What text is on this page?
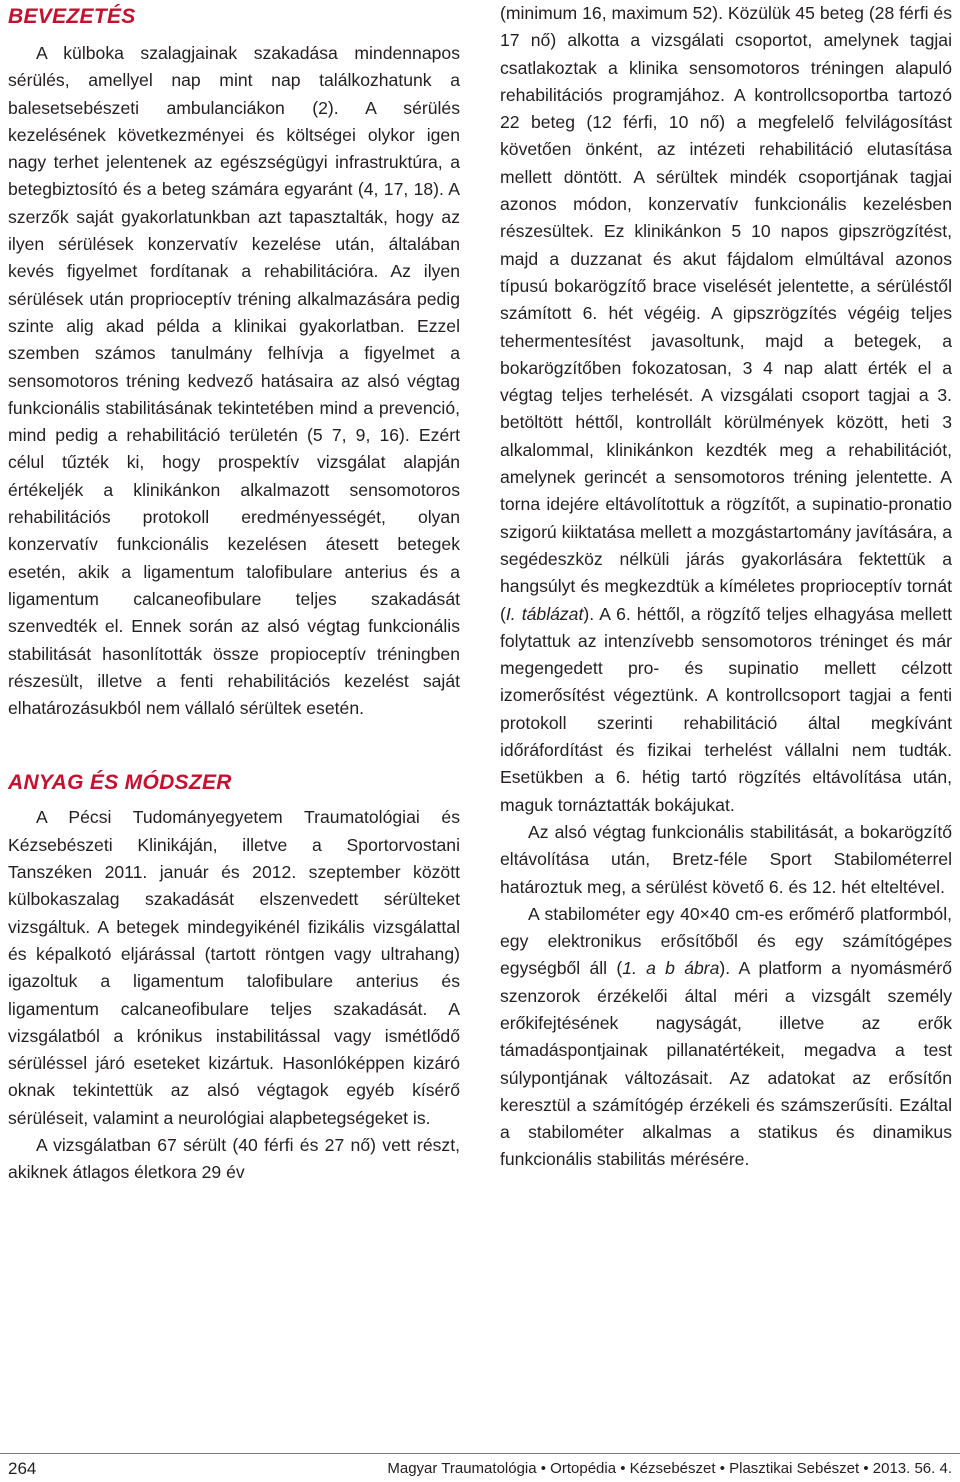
BEVEZETÉS

A külboka szalagjainak szakadása mindennapos sérülés, amellyel nap mint nap találkozhatunk a balesetsebészeti ambulanciákon (2). A sérülés kezelésének következményei és költségei olykor igen nagy terhet jelentenek az egészségügyi infrastruktúra, a betegbiztosító és a beteg számára egyaránt (4, 17, 18). A szerzők saját gyakorlatunkban azt tapasztalták, hogy az ilyen sérülések konzervatív kezelése után, általában kevés figyelmet fordítanak a rehabilitációra. Az ilyen sérülések után proprioceptív tréning alkalmazására pedig szinte alig akad példa a klinikai gyakorlatban. Ezzel szemben számos tanulmány felhívja a figyelmet a sensomotoros tréning kedvező hatásaira az alsó végtag funkcionális stabilitásának tekintetében mind a prevenció, mind pedig a rehabilitáció területén (5 7, 9, 16). Ezért célul tűzték ki, hogy prospektív vizsgálat alapján értékeljék a klinikánkon alkalmazott sensomotoros rehabilitációs protokoll eredményességét, olyan konzervatív funkcionális kezelésen átesett betegek esetén, akik a ligamentum talofibulare anterius és a ligamentum calcaneofibulare teljes szakadását szenvedték el. Ennek során az alsó végtag funkcionális stabilitását hasonlították össze propioceptív tréningben részesült, illetve a fenti rehabilitációs kezelést saját elhatározásukból nem vállaló sérültek esetén.

ANYAG ÉS MÓDSZER

A Pécsi Tudományegyetem Traumatológiai és Kézsebészeti Klinikáján, illetve a Sportorvostani Tanszéken 2011. január és 2012. szeptember között külbokaszalag szakadását elszenvedett sérülteket vizsgáltuk. A betegek mindegyikénél fizikális vizsgálattal és képalkotó eljárással (tartott röntgen vagy ultrahang) igazoltuk a ligamentum talofibulare anterius és ligamentum calcaneofibulare teljes szakadását. A vizsgálatból a krónikus instabilitással vagy ismétlődő sérüléssel járó eseteket kizártuk. Hasonlóképpen kizáró oknak tekintettük az alsó végtagok egyéb kísérő sérüléseit, valamint a neurológiai alapbetegségeket is.

A vizsgálatban 67 sérült (40 férfi és 27 nő) vett részt, akiknek átlagos életkora 29 év

(minimum 16, maximum 52). Közülük 45 beteg (28 férfi és 17 nő) alkotta a vizsgálati csoportot, amelynek tagjai csatlakoztak a klinika sensomotoros tréningen alapuló rehabilitációs programjához. A kontrollcsoportba tartozó 22 beteg (12 férfi, 10 nő) a megfelelő felvilágosítást követően önként, az intézeti rehabilitáció elutasítása mellett döntött. A sérültek mindék csoportjának tagjai azonos módon, konzervatív funkcionális kezelésben részesültek. Ez klinikánkon 5 10 napos gipszrögzítést, majd a duzzanat és akut fájdalom elmúltával azonos típusú bokarögzítő brace viselését jelentette, a sérüléstől számított 6. hét végéig. A gipszrögzítés végéig teljes tehermentesítést javasoltunk, majd a betegek, a bokarögzítőben fokozatosan, 3 4 nap alatt érték el a végtag teljes terhelését. A vizsgálati csoport tagjai a 3. betöltött héttől, kontrollált körülmények között, heti 3 alkalommal, klinikánkon kezdték meg a rehabilitációt, amelynek gerincét a sensomotoros tréning jelentette. A torna idejére eltávolítottuk a rögzítőt, a supinatio-pronatio szigorú kiiktatása mellett a mozgástartomány javítására, a segédeszköz nélküli járás gyakorlására fektettük a hangsúlyt és megkezdtük a kíméletes proprioceptív tornát (I. táblázat). A 6. héttől, a rögzítő teljes elhagyása mellett folytattuk az intenzívebb sensomotoros tréninget és már megengedett pro- és supinatio mellett célzott izomerősítést végeztünk. A kontrollcsoport tagjai a fenti protokoll szerinti rehabilitáció által megkívánt időráfordítást és fizikai terhelést vállalni nem tudták. Esetükben a 6. hétig tartó rögzítés eltávolítása után, maguk tornáztatták bokájukat.

Az alsó végtag funkcionális stabilitását, a bokarögzítő eltávolítása után, Bretz-féle Sport Stabilométerrel határoztuk meg, a sérülést követő 6. és 12. hét elteltével.

A stabilométer egy 40×40 cm-es erőmérő platformból, egy elektronikus erősítőből és egy számítógépes egységből áll (1. a b ábra). A platform a nyomásmérő szenzorok érzékelői által méri a vizsgált személy erőkifejtésének nagyságát, illetve az erők támadáspontjainak pillanatértékeit, megadva a test súlypontjának változásait. Az adatokat az erősítőn keresztül a számítógép érzékeli és számszerűsíti. Ezáltal a stabilométer alkalmas a statikus és dinamikus funkcionális stabilitás mérésére.

264	Magyar Traumatológia • Ortopédia • Kézsebészet • Plasztikai Sebészet • 2013. 56. 4.
